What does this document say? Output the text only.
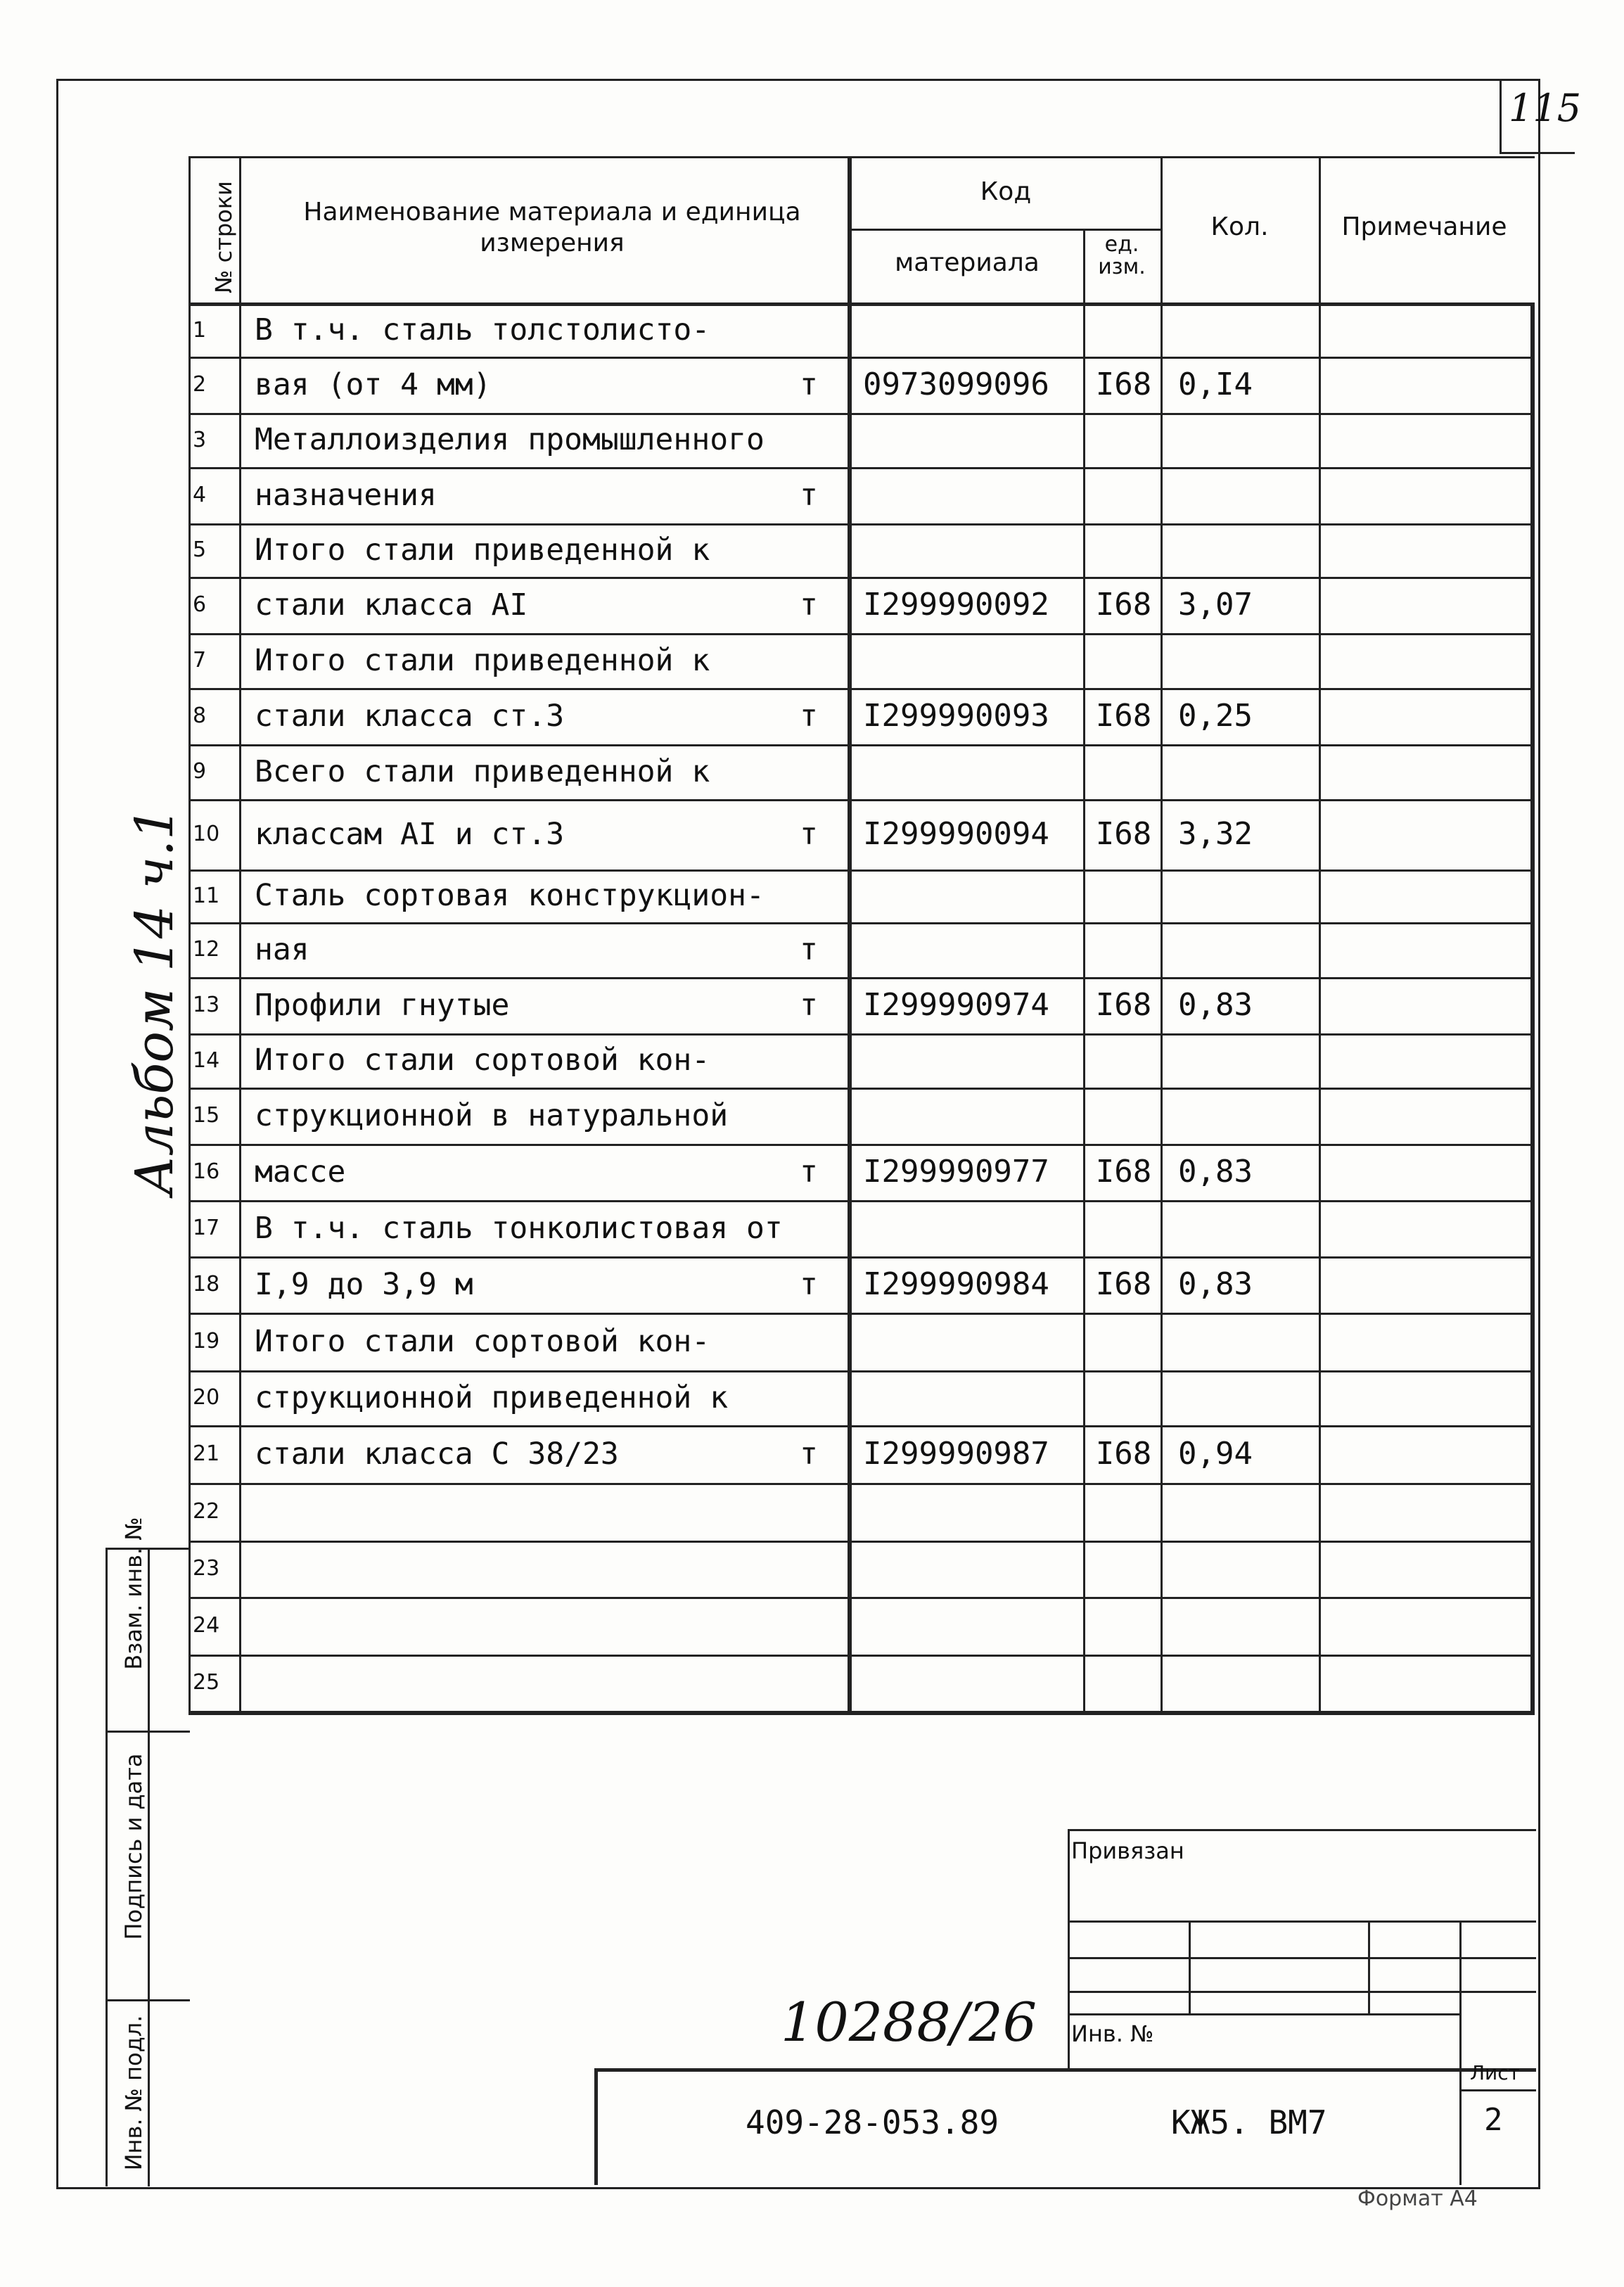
115
Альбом 14 ч.1
1	В т.ч. сталь толстолисто-
2	вая (от 4 мм)	т 0973099096 I68 0,I4
3	Металлоизделия промышленного
4	назначения	т
5	Итого стали приведенной к
6	стали класса AI	т I299990092 I68 3,07
7	Итого стали приведенной к
8	стали класса ст.3	т I299990093 I68 0,25
9	Всего стали приведенной к
10	классам AI и ст.3	т I299990094 I68 3,32
11	Сталь сортовая конструкцион-
12	ная	т
13	Профили гнутые	т I299990974 I68 0,83
14	Итого стали сортовой кон-
15	струкционной в натуральной
16	массе	т I299990977 I68 0,83
17	В т.ч. сталь тонколистовая от
18	I,9 до 3,9 м	т I299990984 I68 0,83
19	Итого стали сортовой кон-
20	струкционной приведенной к
21	стали класса С 38/23	т I299990987 I68 0,94
22
23
24
25
№ строки	Наименование материала и единица измерения
Код
материала
ед. изм.
Кол.	Примечание
Взам. инв. №
Подпись и дата
Инв. № подл.
Привязан
Инв. №
Лист
2
409-28-053.89	КЖ5. ВМ7
10288/26
Формат А4
